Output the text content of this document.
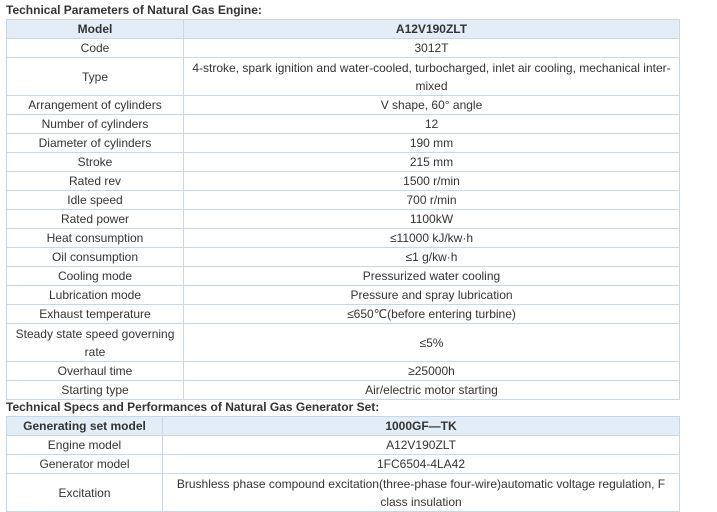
Technical Parameters of Natural Gas Engine:
Model	A12V190ZLT
Code	3012T
Type	4-stroke, spark ignition and water-cooled, turbocharged, inlet air cooling, mechanical inter-mixed
Arrangement of cylinders	V shape, 60° angle
Number of cylinders	12
Diameter of cylinders	190 mm
Stroke	215 mm
Rated rev	1500 r/min
Idle speed	700 r/min
Rated power	1100kW
Heat consumption	≤11000 kJ/kw·h
Oil consumption	≤1 g/kw·h
Cooling mode	Pressurized water cooling
Lubrication mode	Pressure and spray lubrication
Exhaust temperature	≤650℃(before entering turbine)
Steady state speed governing rate	≤5%
Overhaul time	≥25000h
Starting type	Air/electric motor starting
Technical Specs and Performances of Natural Gas Generator Set:
Generating set model	1000GF—TK
Engine model	A12V190ZLT
Generator model	1FC6504-4LA42
Excitation	Brushless phase compound excitation(three-phase four-wire)automatic voltage regulation, F class insulation
